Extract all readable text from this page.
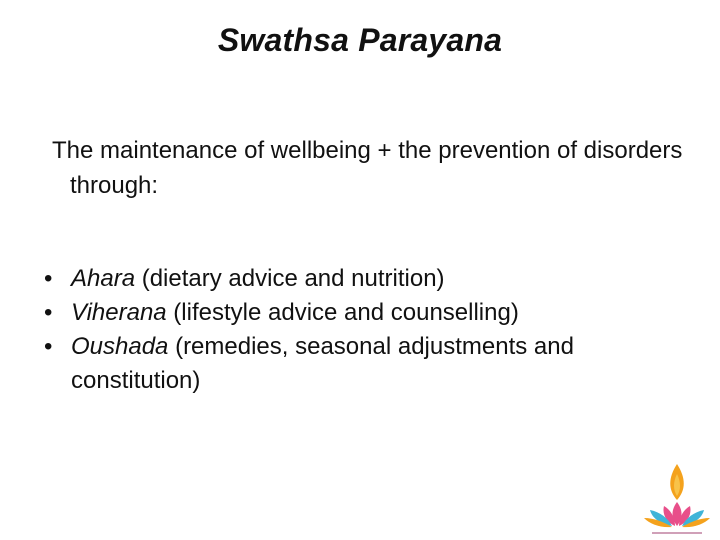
Swathsa Parayana
The maintenance of wellbeing + the prevention of disorders through:
• Ahara (dietary advice and nutrition)
• Viherana (lifestyle advice and counselling)
• Oushada (remedies, seasonal adjustments and constitution)
